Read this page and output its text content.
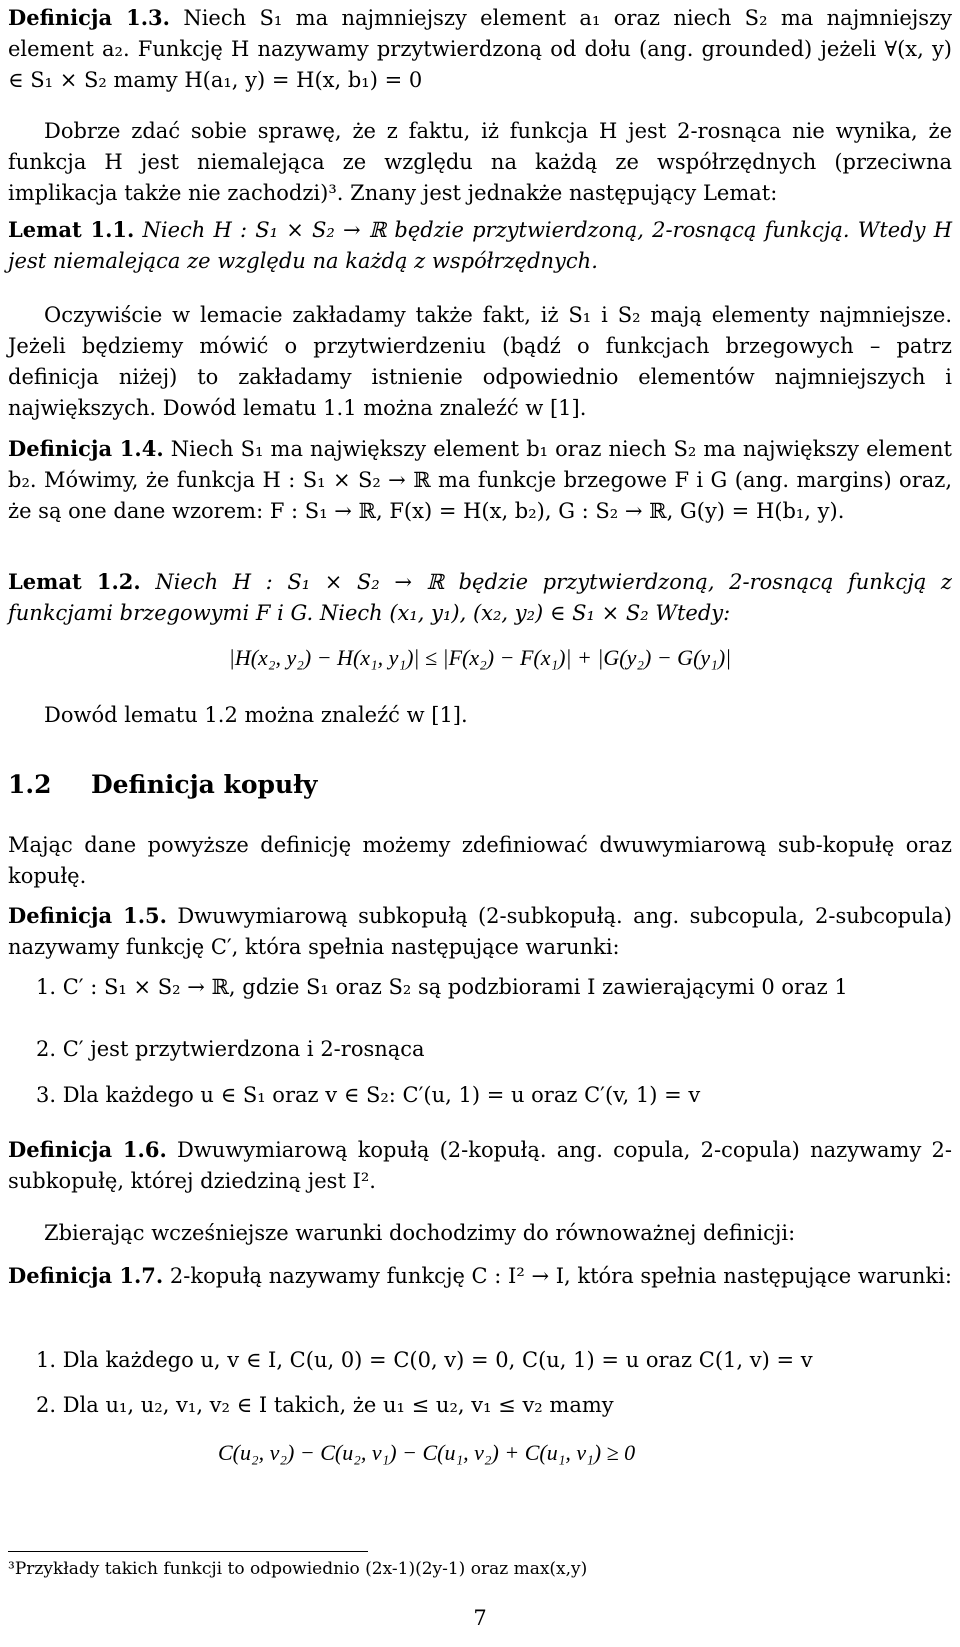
Definicja 1.3. Niech S₁ ma najmniejszy element a₁ oraz niech S₂ ma najmniejszy element a₂. Funkcję H nazywamy przytwierdzoną od dołu (ang. grounded) jeżeli ∀(x, y) ∈ S₁ × S₂ mamy H(a₁, y) = H(x, b₁) = 0

Dobrze zdać sobie sprawę, że z faktu, iż funkcja H jest 2-rosnąca nie wynika, że funkcja H jest niemalejąca ze względu na każdą ze współrzędnych (przeciwna implikacja także nie zachodzi)³. Znany jest jednakże następujący Lemat:

Lemat 1.1. Niech H : S₁ × S₂ → ℝ będzie przytwierdzoną, 2-rosnącą funkcją. Wtedy H jest niemalejąca ze względu na każdą z współrzędnych.

Oczywiście w lemacie zakładamy także fakt, iż S₁ i S₂ mają elementy najmniejsze. Jeżeli będziemy mówić o przytwierdzeniu (bądź o funkcjach brzegowych – patrz definicja niżej) to zakładamy istnienie odpowiednio elementów najmniejszych i największych. Dowód lematu 1.1 można znaleźć w [1].

Definicja 1.4. Niech S₁ ma największy element b₁ oraz niech S₂ ma największy element b₂. Mówimy, że funkcja H : S₁ × S₂ → ℝ ma funkcje brzegowe F i G (ang. margins) oraz, że są one dane wzorem: F : S₁ → ℝ, F(x) = H(x, b₂), G : S₂ → ℝ, G(y) = H(b₁, y).

Lemat 1.2. Niech H : S₁ × S₂ → ℝ będzie przytwierdzoną, 2-rosnącą funkcją z funkcjami brzegowymi F i G. Niech (x₁, y₁), (x₂, y₂) ∈ S₁ × S₂ Wtedy:

|H(x₂, y₂) − H(x₁, y₁)| ≤ |F(x₂) − F(x₁)| + |G(y₂) − G(y₁)|

Dowód lematu 1.2 można znaleźć w [1].

1.2 Definicja kopuły

Mając dane powyższe definicję możemy zdefiniować dwuwymiarową sub-kopułę oraz kopułę.

Definicja 1.5. Dwuwymiarową subkopułą (2-subkopułą. ang. subcopula, 2-subcopula) nazywamy funkcję C′, która spełnia następujące warunki:

1. C′ : S₁ × S₂ → ℝ, gdzie S₁ oraz S₂ są podzbiorami I zawierającymi 0 oraz 1
2. C′ jest przytwierdzona i 2-rosnąca
3. Dla każdego u ∈ S₁ oraz v ∈ S₂: C′(u, 1) = u oraz C′(v, 1) = v

Definicja 1.6. Dwuwymiarową kopułą (2-kopułą. ang. copula, 2-copula) nazywamy 2-subkopułę, której dziedziną jest I².

Zbierając wcześniejsze warunki dochodzimy do równoważnej definicji:

Definicja 1.7. 2-kopułą nazywamy funkcję C : I² → I, która spełnia następujące warunki:

1. Dla każdego u, v ∈ I, C(u, 0) = C(0, v) = 0, C(u, 1) = u oraz C(1, v) = v
2. Dla u₁, u₂, v₁, v₂ ∈ I takich, że u₁ ≤ u₂, v₁ ≤ v₂ mamy

C(u₂, v₂) − C(u₂, v₁) − C(u₁, v₂) + C(u₁, v₁) ≥ 0

³Przykłady takich funkcji to odpowiednio (2x-1)(2y-1) oraz max(x,y)
7
